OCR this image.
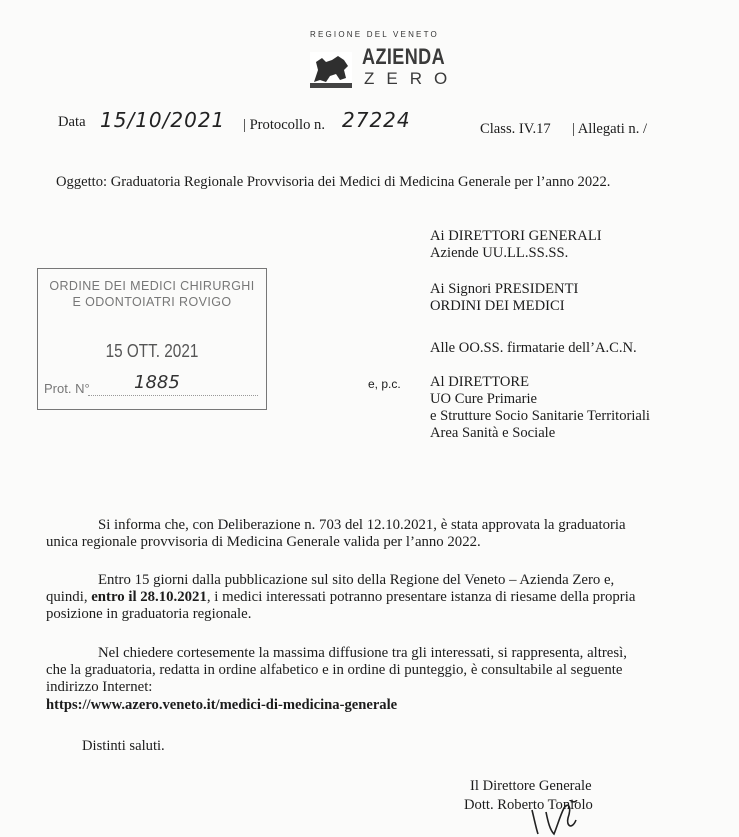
REGIONE DEL VENETO
AZIENDA
ZERO
Data 15/10/2021 | Protocollo n. 27224	Class. IV.17 | Allegati n. /
Oggetto: Graduatoria Regionale Provvisoria dei Medici di Medicina Generale per l’anno 2022.
Ai DIRETTORI GENERALI
Aziende UU.LL.SS.SS.
Ai Signori PRESIDENTI
ORDINI DEI MEDICI
Alle OO.SS. firmatarie dell’A.C.N.
e, p.c. Al DIRETTORE
UO Cure Primarie
e Strutture Socio Sanitarie Territoriali
Area Sanità e Sociale
ORDINE DEI MEDICI CHIRURGHI
E ODONTOIATRI ROVIGO
15 OTT. 2021
Prot. N° 1885
Si informa che, con Deliberazione n. 703 del 12.10.2021, è stata approvata la graduatoria
unica regionale provvisoria di Medicina Generale valida per l’anno 2022.
Entro 15 giorni dalla pubblicazione sul sito della Regione del Veneto – Azienda Zero e,
quindi, entro il 28.10.2021, i medici interessati potranno presentare istanza di riesame della propria
posizione in graduatoria regionale.
Nel chiedere cortesemente la massima diffusione tra gli interessati, si rappresenta, altresì,
che la graduatoria, redatta in ordine alfabetico e in ordine di punteggio, è consultabile al seguente
indirizzo Internet:
https://www.azero.veneto.it/medici-di-medicina-generale
Distinti saluti.
Il Direttore Generale
Dott. Roberto Toniolo
